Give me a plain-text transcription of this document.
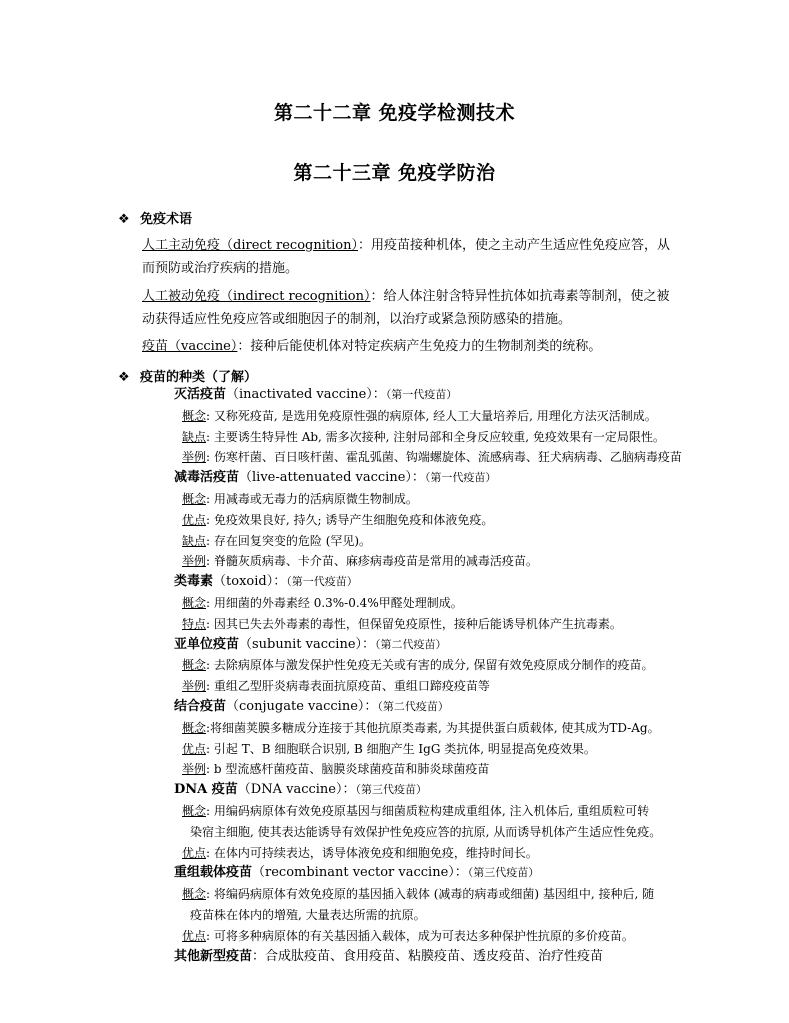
第二十二章 免疫学检测技术
第二十三章 免疫学防治
❖ 免疫术语
人工主动免疫（direct recognition）：用疫苗接种机体，使之主动产生适应性免疫应答，从而预防或治疗疾病的措施。
人工被动免疫（indirect recognition）：给人体注射含特异性抗体如抗毒素等制剂，使之被动获得适应性免疫应答或细胞因子的制剂，以治疗或紧急预防感染的措施。
疫苗（vaccine）：接种后能使机体对特定疾病产生免疫力的生物制剂类的统称。
❖ 疫苗的种类（了解）
灭活疫苗（inactivated vaccine）：（第一代疫苗）
概念: 又称死疫苗, 是选用免疫原性强的病原体, 经人工大量培养后, 用理化方法灭活制成。
缺点: 主要诱生特异性 Ab, 需多次接种, 注射局部和全身反应较重, 免疫效果有一定局限性。
举例: 伤寒杆菌、百日咳杆菌、霍乱弧菌、钩端螺旋体、流感病毒、狂犬病病毒、乙脑病毒疫苗
减毒活疫苗（live-attenuated vaccine）：（第一代疫苗）
概念: 用减毒或无毒力的活病原微生物制成。
优点: 免疫效果良好, 持久; 诱导产生细胞免疫和体液免疫。
缺点: 存在回复突变的危险 (罕见)。
举例: 脊髓灰质病毒、卡介苗、麻疹病毒疫苗是常用的减毒活疫苗。
类毒素（toxoid）：（第一代疫苗）
概念: 用细菌的外毒素经 0.3%-0.4%甲醛处理制成。
特点: 因其已失去外毒素的毒性，但保留免疫原性，接种后能诱导机体产生抗毒素。
亚单位疫苗（subunit vaccine）：（第二代疫苗）
概念: 去除病原体与激发保护性免疫无关或有害的成分, 保留有效免疫原成分制作的疫苗。
举例: 重组乙型肝炎病毒表面抗原疫苗、重组口蹄疫疫苗等
结合疫苗（conjugate vaccine）：（第二代疫苗）
概念:将细菌荚膜多糖成分连接于其他抗原类毒素, 为其提供蛋白质载体, 使其成为TD-Ag。
优点: 引起 T、B 细胞联合识别, B 细胞产生 IgG 类抗体, 明显提高免疫效果。
举例: b 型流感杆菌疫苗、脑膜炎球菌疫苗和肺炎球菌疫苗
DNA 疫苗（DNA vaccine）：（第三代疫苗）
概念: 用编码病原体有效免疫原基因与细菌质粒构建成重组体, 注入机体后, 重组质粒可转
染宿主细胞, 使其表达能诱导有效保护性免疫应答的抗原, 从而诱导机体产生适应性免疫。
优点: 在体内可持续表达，诱导体液免疫和细胞免疫，维持时间长。
重组载体疫苗（recombinant vector vaccine）：（第三代疫苗）
概念: 将编码病原体有效免疫原的基因插入载体 (减毒的病毒或细菌) 基因组中, 接种后, 随
疫苗株在体内的增殖, 大量表达所需的抗原。
优点: 可将多种病原体的有关基因插入载体，成为可表达多种保护性抗原的多价疫苗。
其他新型疫苗：合成肽疫苗、食用疫苗、粘膜疫苗、透皮疫苗、治疗性疫苗
